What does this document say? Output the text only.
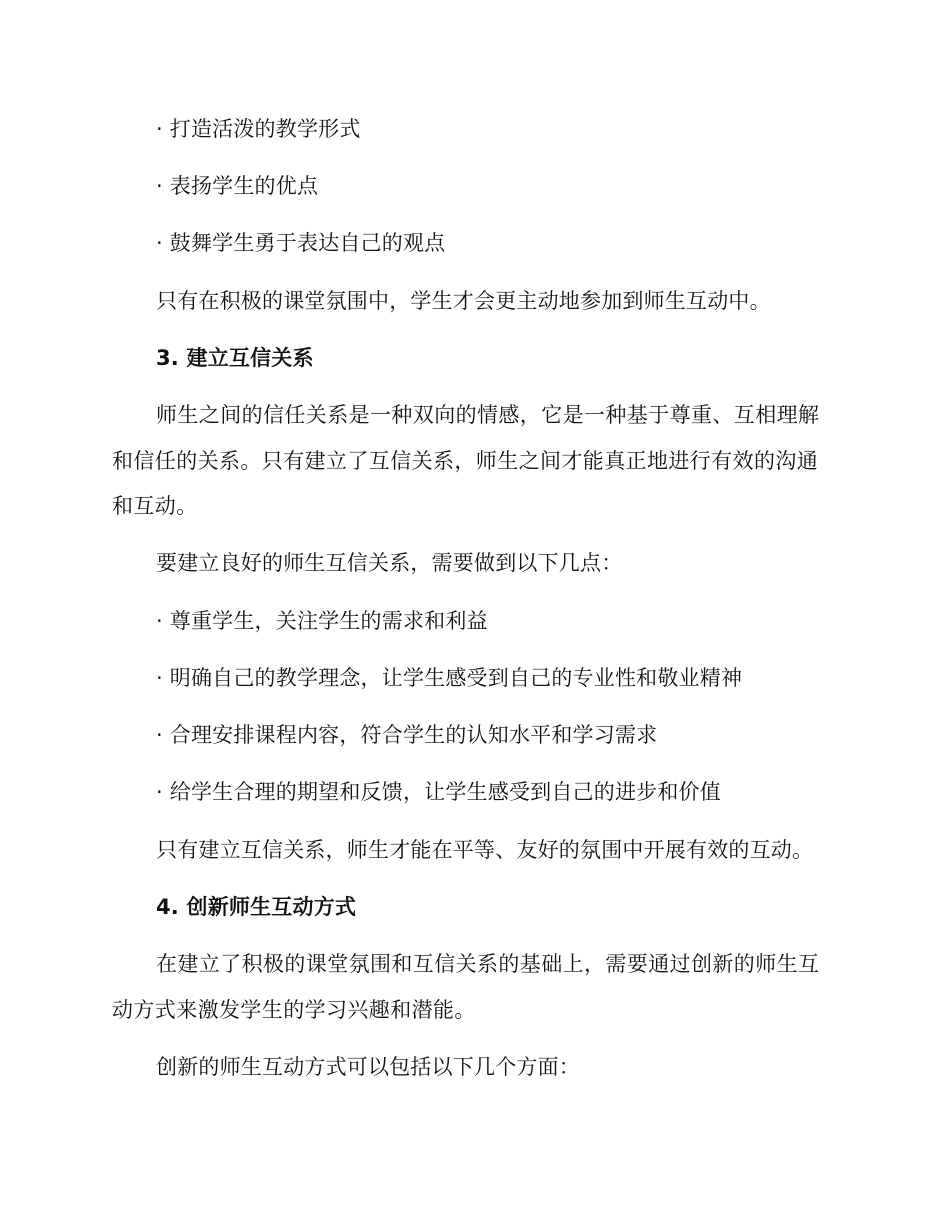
· 打造活泼的教学形式
· 表扬学生的优点
· 鼓舞学生勇于表达自己的观点
只有在积极的课堂氛围中，学生才会更主动地参加到师生互动中。
3. 建立互信关系

师生之间的信任关系是一种双向的情感，它是一种基于尊重、互相理解和信任的关系。只有建立了互信关系，师生之间才能真正地进行有效的沟通和互动。

要建立良好的师生互信关系，需要做到以下几点：
· 尊重学生，关注学生的需求和利益
· 明确自己的教学理念，让学生感受到自己的专业性和敬业精神
· 合理安排课程内容，符合学生的认知水平和学习需求
· 给学生合理的期望和反馈，让学生感受到自己的进步和价值
只有建立互信关系，师生才能在平等、友好的氛围中开展有效的互动。
4. 创新师生互动方式

在建立了积极的课堂氛围和互信关系的基础上，需要通过创新的师生互动方式来激发学生的学习兴趣和潜能。

创新的师生互动方式可以包括以下几个方面：
